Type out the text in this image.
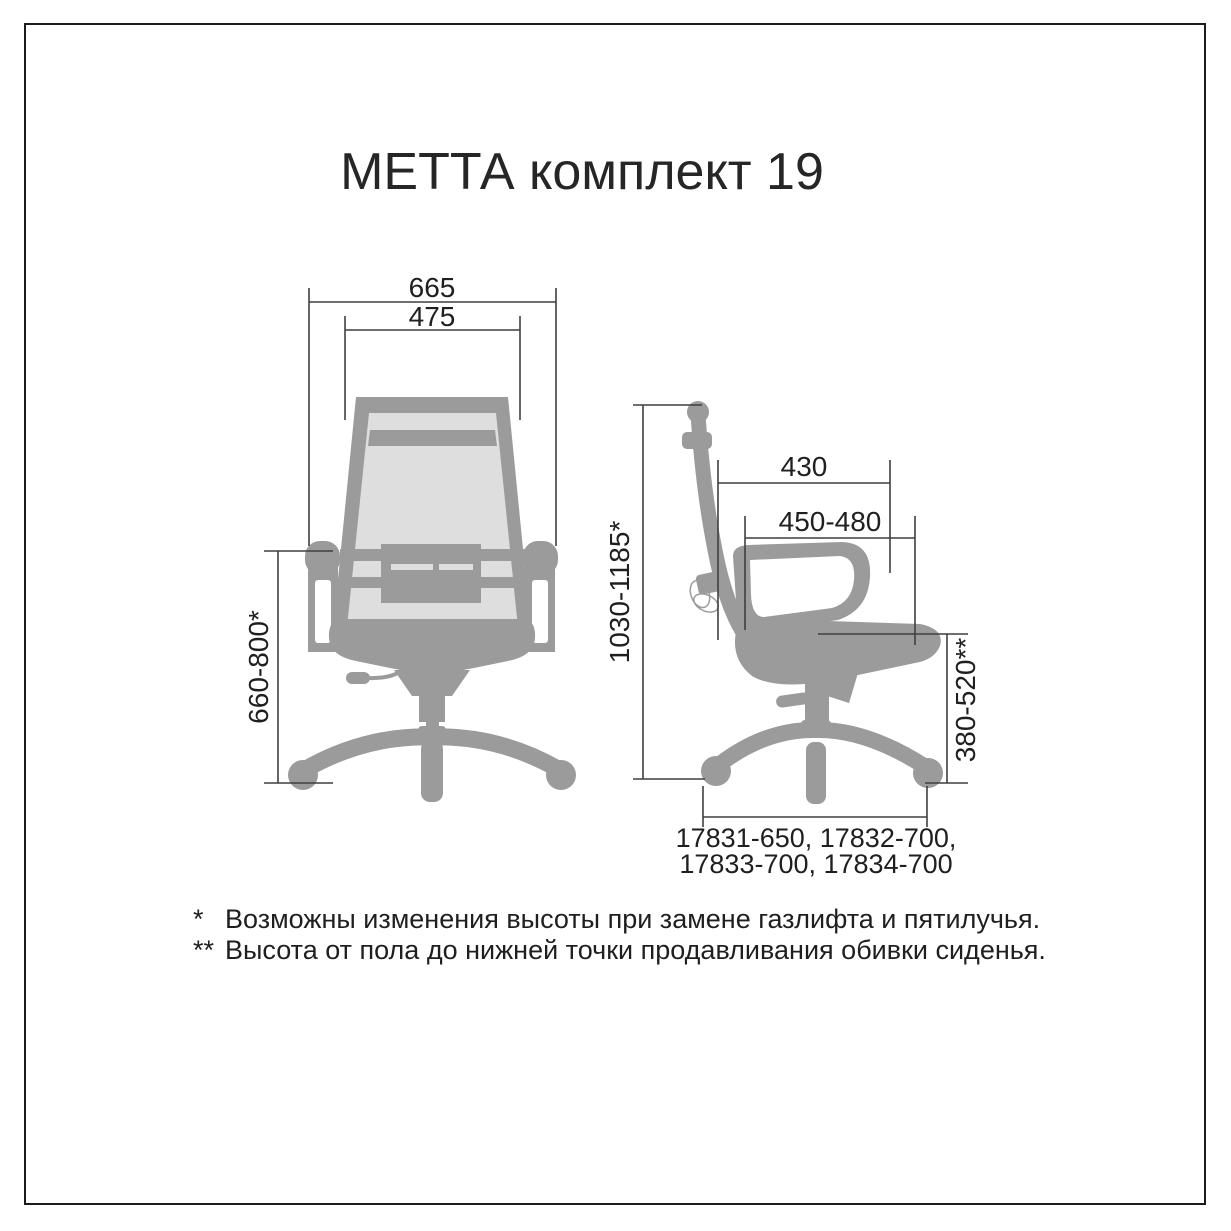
МЕТТА комплект 19
665
475
660-800*
1030-1185*
430
450-480
380-520**
17831-650, 17832-700,
17833-700, 17834-700
* Возможны изменения высоты при замене газлифта и пятилучья.
** Высота от пола до нижней точки продавливания обивки сиденья.
